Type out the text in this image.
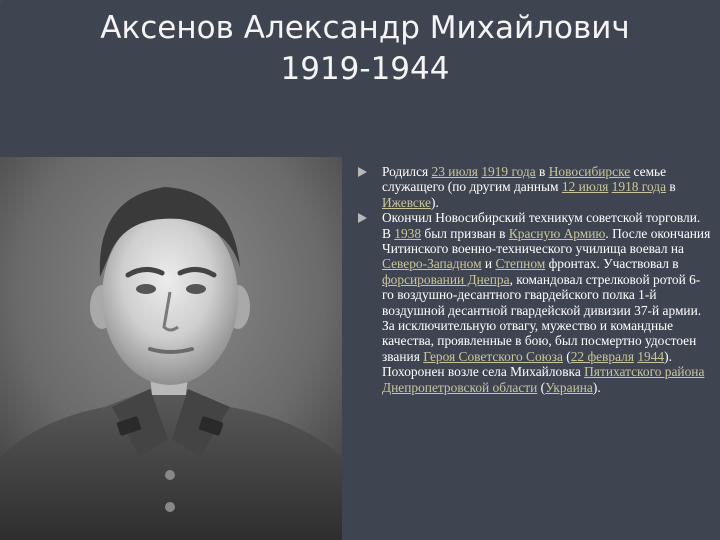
Аксенов Александр Михайлович
1919-1944
Родился 23 июля 1919 года в Новосибирске семье служащего (по другим данным 12 июля 1918 года в Ижевске).
Окончил Новосибирский техникум советской торговли. В 1938 был призван в Красную Армию. После окончания Читинского военно-технического училища воевал на Северо-Западном и Степном фронтах. Участвовал в форсировании Днепра, командовал стрелковой ротой 6-го воздушно-десантного гвардейского полка 1-й воздушной десантной гвардейской дивизии 37-й армии. За исключительную отвагу, мужество и командные качества, проявленные в бою, был посмертно удостоен звания Героя Советского Союза (22 февраля 1944).
Похоронен возле села Михайловка Пятихатского района Днепропетровской области (Украина).
